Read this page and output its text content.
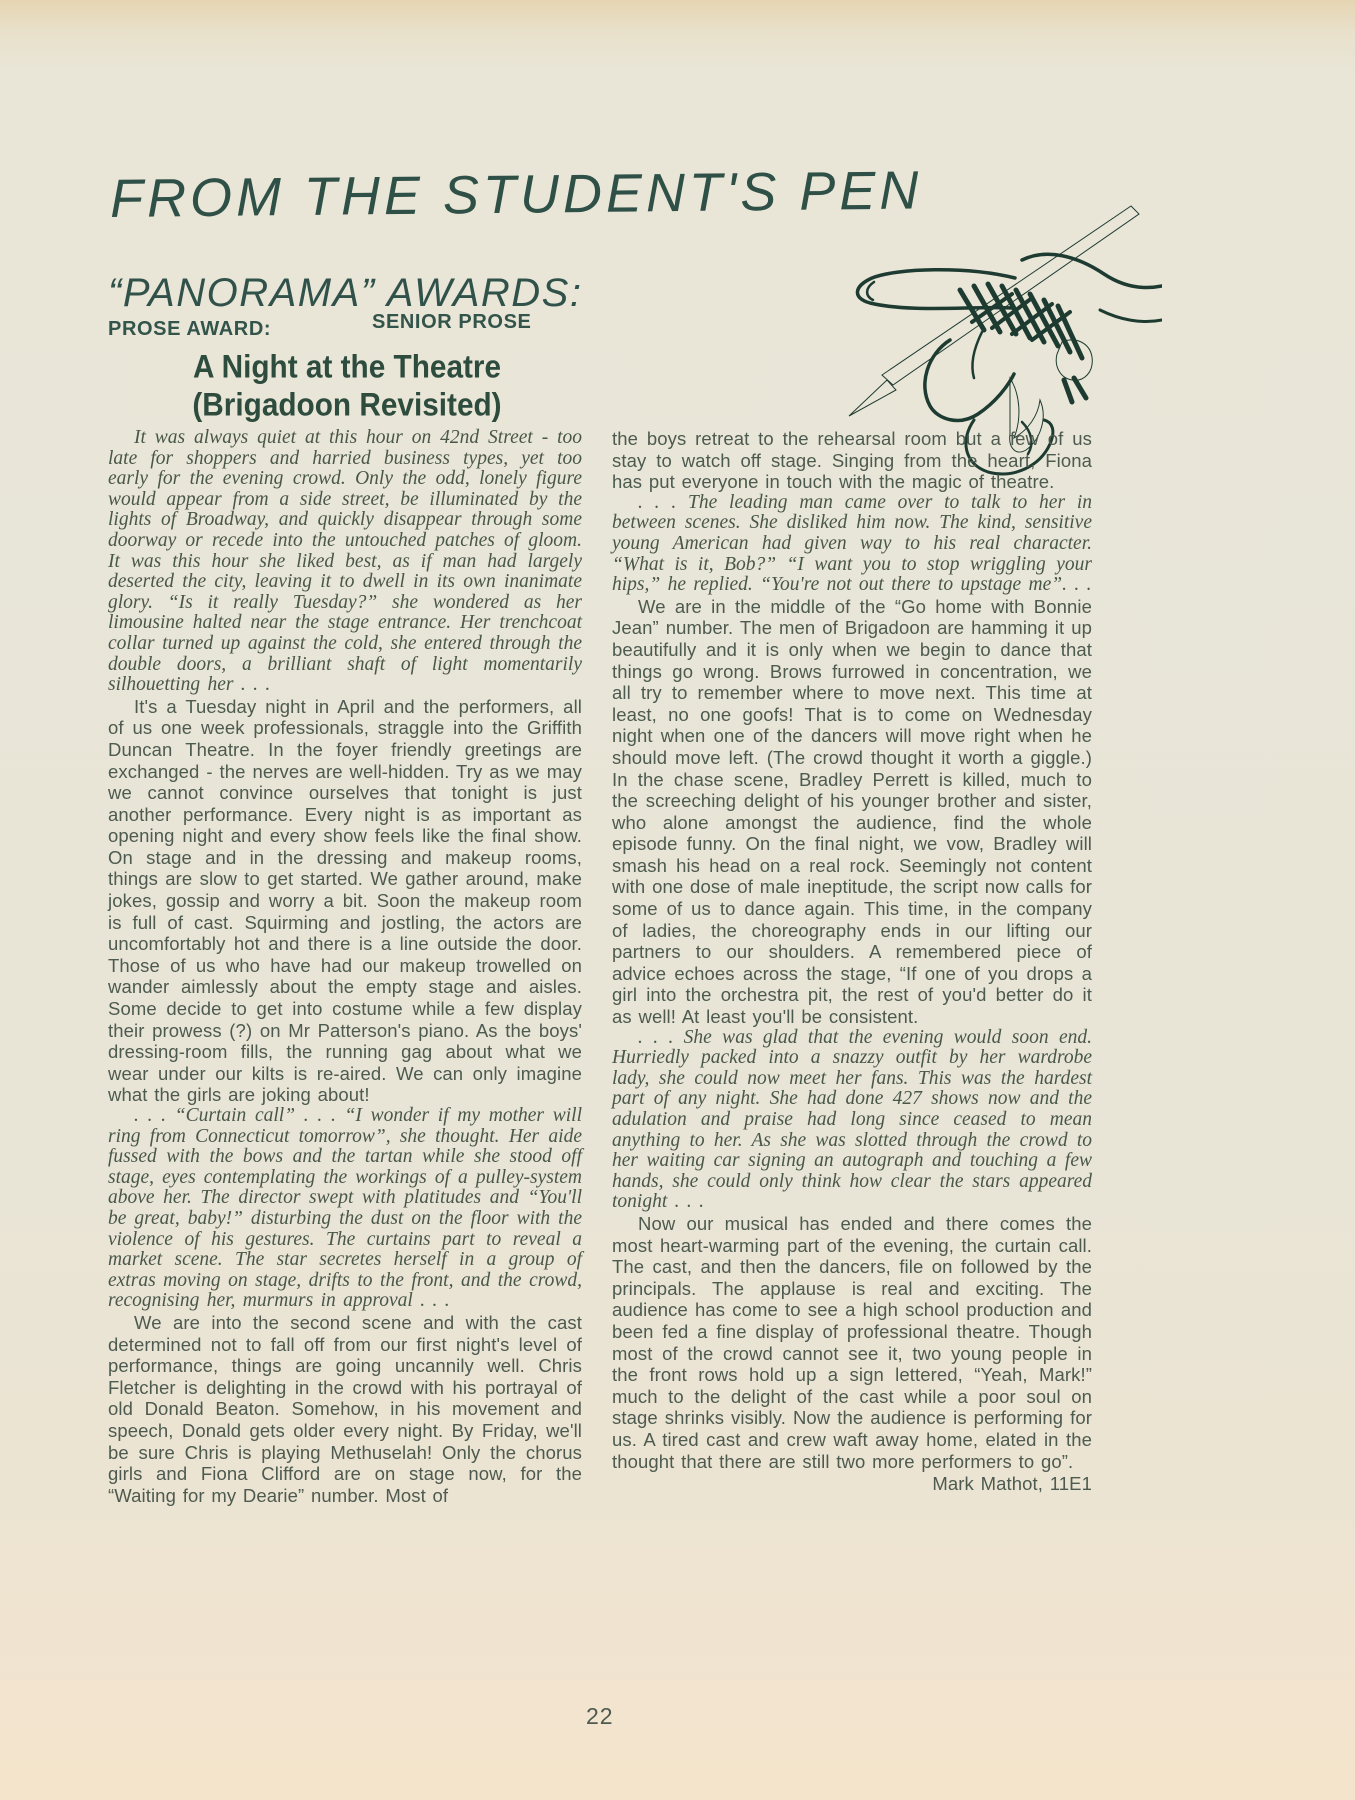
FROM THE STUDENT'S PEN
“PANORAMA” AWARDS:
PROSE AWARD:	SENIOR PROSE
A Night at the Theatre
(Brigadoon Revisited)

It was always quiet at this hour on 42nd Street - too late for shoppers and harried business types, yet too early for the evening crowd. Only the odd, lonely figure would appear from a side street, be illuminated by the lights of Broadway, and quickly disappear through some doorway or recede into the untouched patches of gloom. It was this hour she liked best, as if man had largely deserted the city, leaving it to dwell in its own inanimate glory. “Is it really Tuesday?” she wondered as her limousine halted near the stage entrance. Her trenchcoat collar turned up against the cold, she entered through the double doors, a brilliant shaft of light momentarily silhouetting her . . .

It's a Tuesday night in April and the performers, all of us one week professionals, straggle into the Griffith Duncan Theatre. In the foyer friendly greetings are exchanged - the nerves are well-hidden. Try as we may we cannot convince ourselves that tonight is just another performance. Every night is as important as opening night and every show feels like the final show. On stage and in the dressing and makeup rooms, things are slow to get started. We gather around, make jokes, gossip and worry a bit. Soon the makeup room is full of cast. Squirming and jostling, the actors are uncomfortably hot and there is a line outside the door. Those of us who have had our makeup trowelled on wander aimlessly about the empty stage and aisles. Some decide to get into costume while a few display their prowess (?) on Mr Patterson's piano. As the boys' dressing-room fills, the running gag about what we wear under our kilts is re-aired. We can only imagine what the girls are joking about!

. . . “Curtain call” . . . “I wonder if my mother will ring from Connecticut tomorrow”, she thought. Her aide fussed with the bows and the tartan while she stood off stage, eyes contemplating the workings of a pulley-system above her. The director swept with platitudes and “You'll be great, baby!” disturbing the dust on the floor with the violence of his gestures. The curtains part to reveal a market scene. The star secretes herself in a group of extras moving on stage, drifts to the front, and the crowd, recognising her, murmurs in approval . . .

We are into the second scene and with the cast determined not to fall off from our first night's level of performance, things are going uncannily well. Chris Fletcher is delighting in the crowd with his portrayal of old Donald Beaton. Somehow, in his movement and speech, Donald gets older every night. By Friday, we'll be sure Chris is playing Methuselah! Only the chorus girls and Fiona Clifford are on stage now, for the “Waiting for my Dearie” number. Most of

the boys retreat to the rehearsal room but a few of us stay to watch off stage. Singing from the heart, Fiona has put everyone in touch with the magic of theatre.

. . . The leading man came over to talk to her in between scenes. She disliked him now. The kind, sensitive young American had given way to his real character. “What is it, Bob?” “I want you to stop wriggling your hips,” he replied. “You're not out there to upstage me”. . .

We are in the middle of the “Go home with Bonnie Jean” number. The men of Brigadoon are hamming it up beautifully and it is only when we begin to dance that things go wrong. Brows furrowed in concentration, we all try to remember where to move next. This time at least, no one goofs! That is to come on Wednesday night when one of the dancers will move right when he should move left. (The crowd thought it worth a giggle.) In the chase scene, Bradley Perrett is killed, much to the screeching delight of his younger brother and sister, who alone amongst the audience, find the whole episode funny. On the final night, we vow, Bradley will smash his head on a real rock. Seemingly not content with one dose of male ineptitude, the script now calls for some of us to dance again. This time, in the company of ladies, the choreography ends in our lifting our partners to our shoulders. A remembered piece of advice echoes across the stage, “If one of you drops a girl into the orchestra pit, the rest of you'd better do it as well! At least you'll be consistent.

. . . She was glad that the evening would soon end. Hurriedly packed into a snazzy outfit by her wardrobe lady, she could now meet her fans. This was the hardest part of any night. She had done 427 shows now and the adulation and praise had long since ceased to mean anything to her. As she was slotted through the crowd to her waiting car signing an autograph and touching a few hands, she could only think how clear the stars appeared tonight . . .

Now our musical has ended and there comes the most heart-warming part of the evening, the curtain call. The cast, and then the dancers, file on followed by the principals. The applause is real and exciting. The audience has come to see a high school production and been fed a fine display of professional theatre. Though most of the crowd cannot see it, two young people in the front rows hold up a sign lettered, “Yeah, Mark!” much to the delight of the cast while a poor soul on stage shrinks visibly. Now the audience is performing for us. A tired cast and crew waft away home, elated in the thought that there are still two more performers to go”.

Mark Mathot, 11E1

22
